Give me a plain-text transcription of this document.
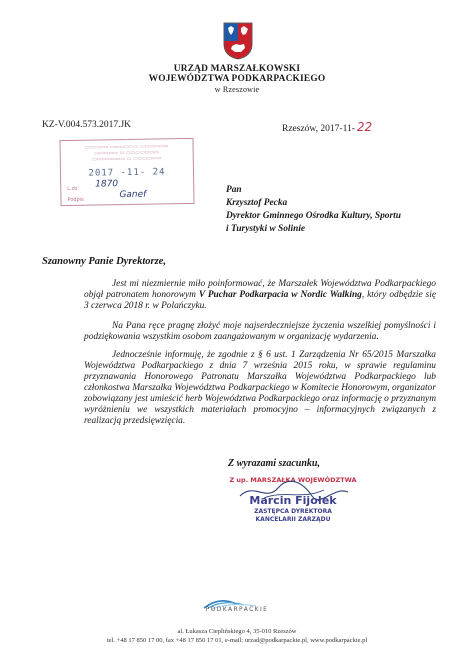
URZĄD MARSZAŁKOWSKI
WOJEWÓDZTWA PODKARPACKIEGO
w Rzeszowie
KZ-V.004.573.2017.JK	Rzeszów, 2017-11- 22
▭▭▭▭▭ ▭▭▭▭▭▭ ▭▭▭▭▭▭
▭▭▭▭▭ ▭ ▭▭▭▭▭▭▭
▭▭▭▭▭▭▭ ▭ ▭▭▭▭▭▭
2017 -11- 24
L.dz. 1870
Podpis	Ganef	Pan
Krzysztof Pecka
Dyrektor Gminnego Ośrodka Kultury, Sportu
i Turystyki w Solinie
Szanowny Panie Dyrektorze,
Jest mi niezmiernie miło poinformować, że Marszałek Województwa Podkarpackiego objął patronatem honorowym V Puchar Podkarpacia w Nordic Walking, który odbędzie się 3 czerwca 2018 r. w Polańczyku.
Na Pana ręce pragnę złożyć moje najserdeczniejsze życzenia wszelkiej pomyślności i podziękowania wszystkim osobom zaangażowanym w organizację wydarzenia.
Jednocześnie informuję, że zgodnie z § 6 ust. 1 Zarządzenia Nr 65/2015 Marszałka Województwa Podkarpackiego z dnia 7 września 2015 roku, w sprawie regulaminu przyznawania Honorowego Patronatu Marszałka Województwa Podkarpackiego lub członkostwa Marszałka Województwa Podkarpackiego w Komitecie Honorowym, organizator zobowiązany jest umieścić herb Województwa Podkarpackiego oraz informację o przyznanym wyróżnieniu we wszystkich materiałach promocyjno – informacyjnych związanych z realizacją przedsięwzięcia.
Z wyrazami szacunku,
Z up. MARSZAŁKA WOJEWÓDZTWA
Marcin Fijołek
ZASTĘPCA DYREKTORA
KANCELARII ZARZĄDU
PODKARPACKIE
al. Łukasza Cieplińskiego 4, 35-010 Rzeszów
tel. +48 17 850 17 00, fax +48 17 850 17 01, e-mail: urzad@podkarpackie.pl, www.podkarpackie.pl
